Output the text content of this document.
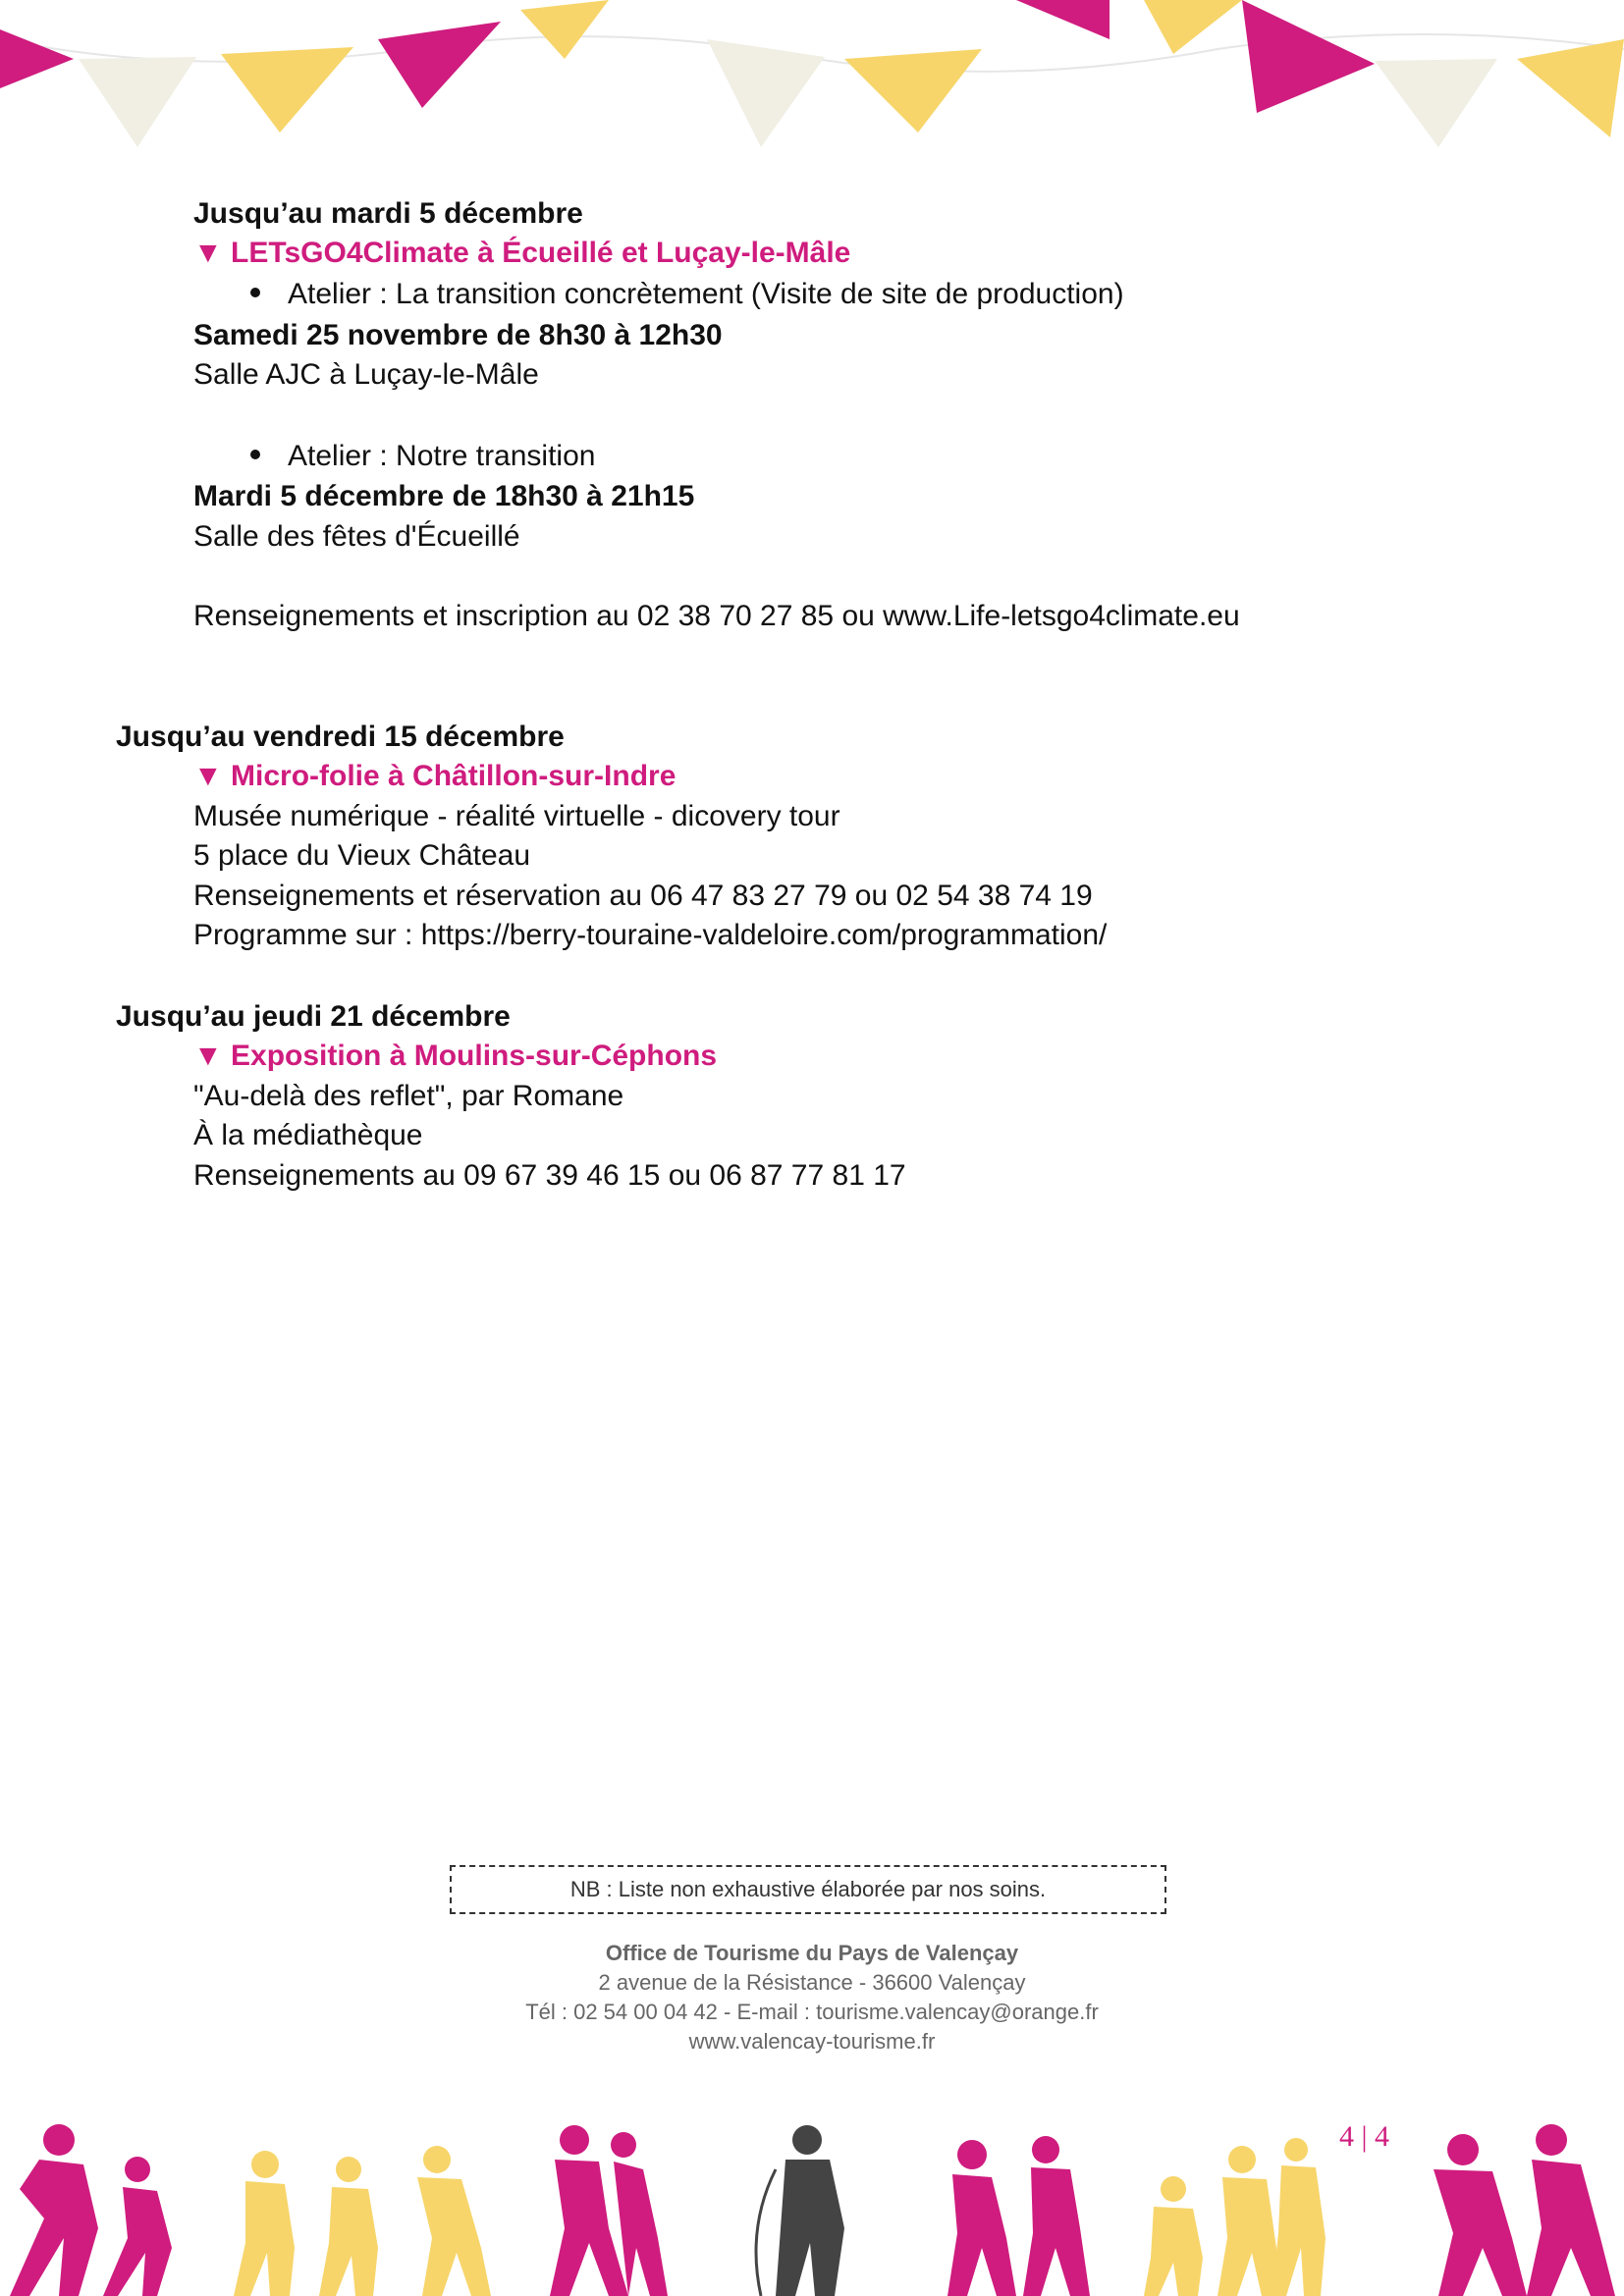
Jusqu’au mardi 5 décembre
▼ LETsGO4Climate à Écueillé et Luçay-le-Mâle
Atelier : La transition concrètement (Visite de site de production)
Samedi 25 novembre de 8h30 à 12h30
Salle AJC à Luçay-le-Mâle
Atelier : Notre transition
Mardi 5 décembre de 18h30 à 21h15
Salle des fêtes d'Écueillé
Renseignements et inscription au 02 38 70 27 85 ou www.Life-letsgo4climate.eu
Jusqu’au vendredi 15 décembre
▼ Micro-folie à Châtillon-sur-Indre
Musée numérique - réalité virtuelle - dicovery tour
5 place du Vieux Château
Renseignements et réservation au 06 47 83 27 79 ou 02 54 38 74 19
Programme sur : https://berry-touraine-valdeloire.com/programmation/
Jusqu’au jeudi 21 décembre
▼ Exposition à Moulins-sur-Céphons
"Au-delà des reflet", par Romane
À la médiathèque
Renseignements au 09 67 39 46 15 ou 06 87 77 81 17
NB : Liste non exhaustive élaborée par nos soins.
Office de Tourisme du Pays de Valençay
2 avenue de la Résistance - 36600 Valençay
Tél : 02 54 00 04 42 - E-mail : tourisme.valencay@orange.fr
www.valencay-tourisme.fr
4 | 4
